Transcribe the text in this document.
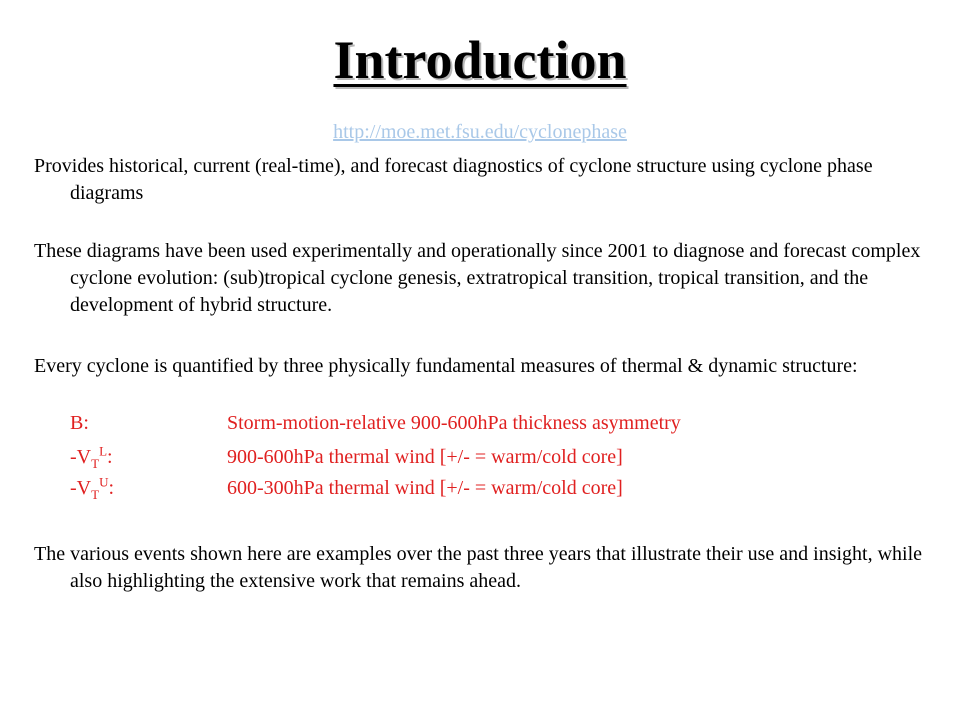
Introduction
http://moe.met.fsu.edu/cyclonephase

Provides historical, current (real-time), and forecast diagnostics of cyclone structure using cyclone phase diagrams

These diagrams have been used experimentally and operationally since 2001 to diagnose and forecast complex cyclone evolution: (sub)tropical cyclone genesis, extratropical transition, tropical transition, and the development of hybrid structure.

Every cyclone is quantified by three physically fundamental measures of thermal & dynamic structure:

B:	Storm-motion-relative 900-600hPa thickness asymmetry
$-V_T^L$:	900-600hPa thermal wind [+/- = warm/cold core]
$-V_T^U$:	600-300hPa thermal wind [+/- = warm/cold core]

The various events shown here are examples over the past three years that illustrate their use and insight, while also highlighting the extensive work that remains ahead.
